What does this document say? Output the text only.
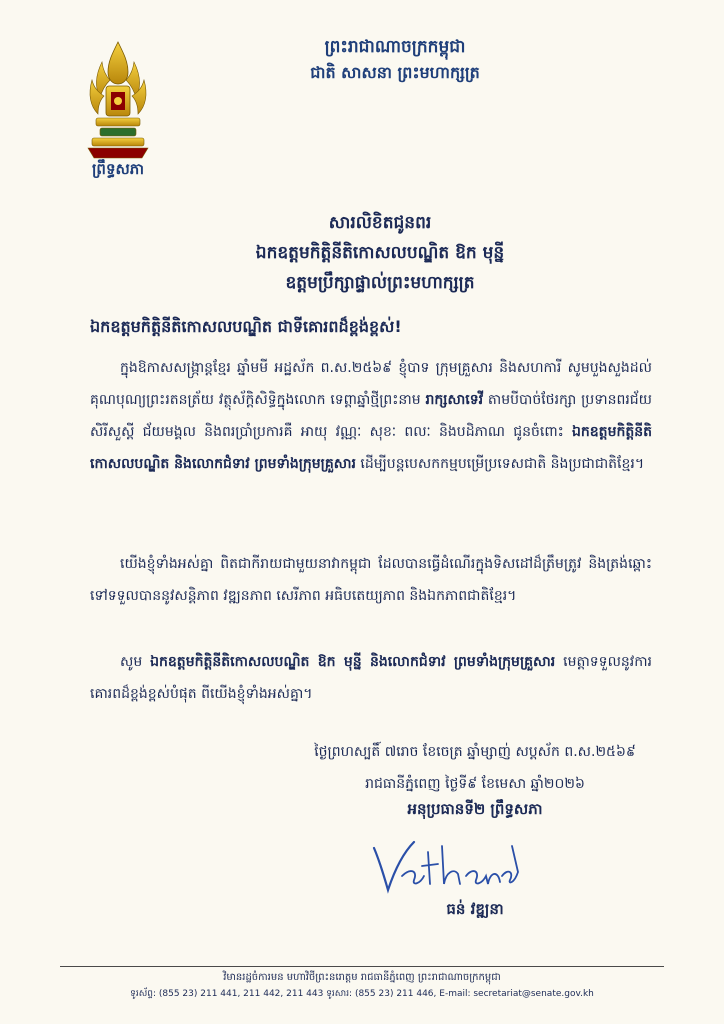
ព្រឹទ្ធសភា
ព្រះរាជាណាចក្រកម្ពុជា
ជាតិ សាសនា ព្រះមហាក្សត្រ
សារលិខិតជូនពរ
ឯកឧត្តមកិត្តិនីតិកោសលបណ្ឌិត ឱក មុន្នី
ឧត្តមប្រឹក្សាផ្ទាល់ព្រះមហាក្សត្រ
ឯកឧត្តមកិត្តិនីតិកោសលបណ្ឌិត ជាទីគោរពដ៏ខ្ពង់ខ្ពស់!
ក្នុងឱកាសសង្ក្រាន្តខ្មែរ ឆ្នាំមមី អដ្ឋស័ក ព.ស.២៥៦៩ ខ្ញុំបាទ ក្រុមគ្រួសារ និងសហការី សូមបួងសួងដល់គុណបុណ្យព្រះរតនត្រ័យ វត្ថុស័ក្តិសិទ្ធិក្នុងលោក ទេព្តាឆ្នាំថ្មីព្រះនាម រាក្សសាទេវី តាមបីបាច់ថែរក្សា ប្រទានពរជ័យ សិរីសួស្តី ជ័យមង្គល និងពរប្រាំប្រការគឺ អាយុ វណ្ណៈ សុខៈ ពលៈ និងបដិភាណ ជូនចំពោះ ឯកឧត្តមកិត្តិនីតិកោសលបណ្ឌិត និងលោកជំទាវ ព្រមទាំងក្រុមគ្រួសារ ដើម្បីបន្តបេសកកម្មបម្រើប្រទេសជាតិ និងប្រជាជាតិខ្មែរ។
យើងខ្ញុំទាំងអស់គ្នា ពិតជាកីរាយជាមួយនាវាកម្ពុជា ដែលបានធ្វើដំណើរក្នុងទិសដៅដ៏ត្រឹមត្រូវ និងត្រង់ឆ្ពោះទៅទទួលបាននូវសន្តិភាព វឌ្ឍនភាព សេរីភាព អធិបតេយ្យភាព និងឯកភាពជាតិខ្មែរ។
សូម ឯកឧត្តមកិត្តិនីតិកោសលបណ្ឌិត ឱក មុន្នី និងលោកជំទាវ ព្រមទាំងក្រុមគ្រួសារ មេត្តាទទួលនូវការគោរពដ៏ខ្ពង់ខ្ពស់បំផុត ពីយើងខ្ញុំទាំងអស់គ្នា។
ថ្ងៃព្រហស្បតិ៍ ៧រោច ខែចេត្រ ឆ្នាំម្សាញ់ សប្តស័ក ព.ស.២៥៦៩
រាជធានីភ្នំពេញ ថ្ងៃទី៩ ខែមេសា ឆ្នាំ២០២៦
អនុប្រធានទី២ ព្រឹទ្ធសភា
ធន់ វឌ្ឍនា
វិមានរដ្ឋចំការមន មហាវិថីព្រះនរោត្តម រាជធានីភ្នំពេញ ព្រះរាជាណាចក្រកម្ពុជា
ទូរស័ព្ទ: (855 23) 211 441, 211 442, 211 443 ទូរសារ: (855 23) 211 446, E-mail: secretariat@senate.gov.kh
